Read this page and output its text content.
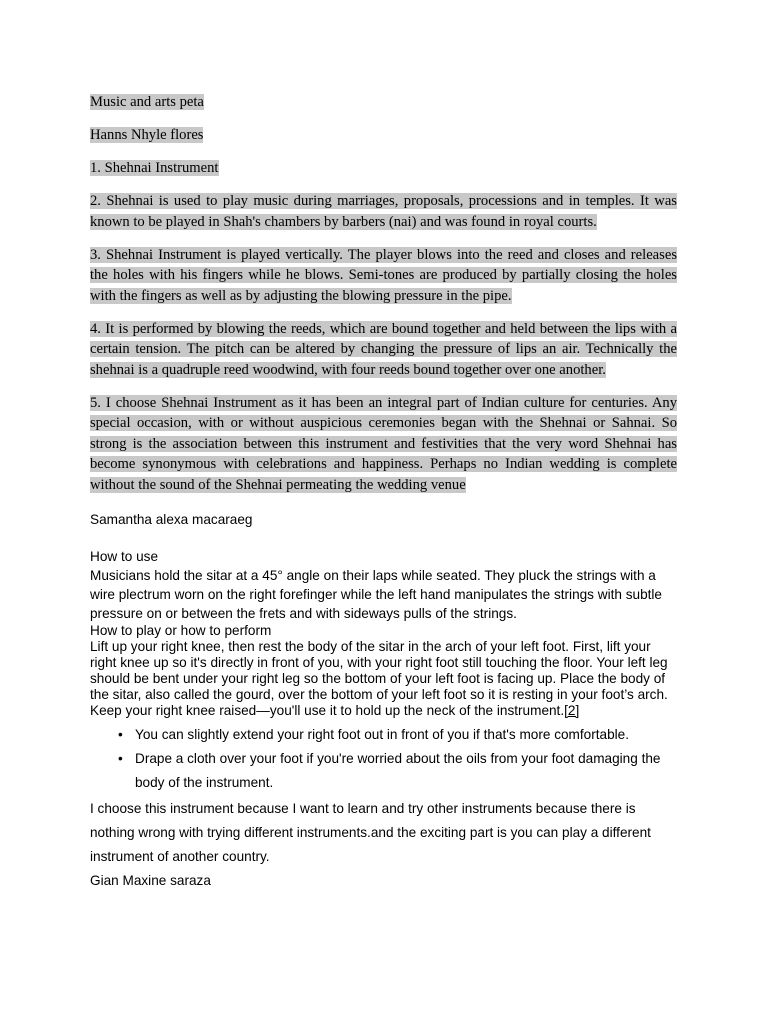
Music and arts peta

Hanns Nhyle flores

1. Shehnai Instrument

2. Shehnai is used to play music during marriages, proposals, processions and in temples. It was known to be played in Shah's chambers by barbers (nai) and was found in royal courts.

3. Shehnai Instrument is played vertically. The player blows into the reed and closes and releases the holes with his fingers while he blows. Semi-tones are produced by partially closing the holes with the fingers as well as by adjusting the blowing pressure in the pipe.

4. It is performed by blowing the reeds, which are bound together and held between the lips with a certain tension. The pitch can be altered by changing the pressure of lips an air. Technically the shehnai is a quadruple reed woodwind, with four reeds bound together over one another.

5. I choose Shehnai Instrument as it has been an integral part of Indian culture for centuries. Any special occasion, with or without auspicious ceremonies began with the Shehnai or Sahnai. So strong is the association between this instrument and festivities that the very word Shehnai has become synonymous with celebrations and happiness. Perhaps no Indian wedding is complete without the sound of the Shehnai permeating the wedding venue

Samantha alexa macaraeg

How to use

Musicians hold the sitar at a 45° angle on their laps while seated. They pluck the strings with a wire plectrum worn on the right forefinger while the left hand manipulates the strings with subtle pressure on or between the frets and with sideways pulls of the strings.

How to play or how to perform

Lift up your right knee, then rest the body of the sitar in the arch of your left foot. First, lift your right knee up so it's directly in front of you, with your right foot still touching the floor. Your left leg should be bent under your right leg so the bottom of your left foot is facing up. Place the body of the sitar, also called the gourd, over the bottom of your left foot so it is resting in your foot’s arch. Keep your right knee raised—you'll use it to hold up the neck of the instrument.[2]

• You can slightly extend your right foot out in front of you if that's more comfortable.
• Drape a cloth over your foot if you're worried about the oils from your foot damaging the body of the instrument.

I choose this instrument because I want to learn and try other instruments because there is nothing wrong with trying different instruments.and the exciting part is you can play a different instrument of another country.

Gian Maxine saraza
